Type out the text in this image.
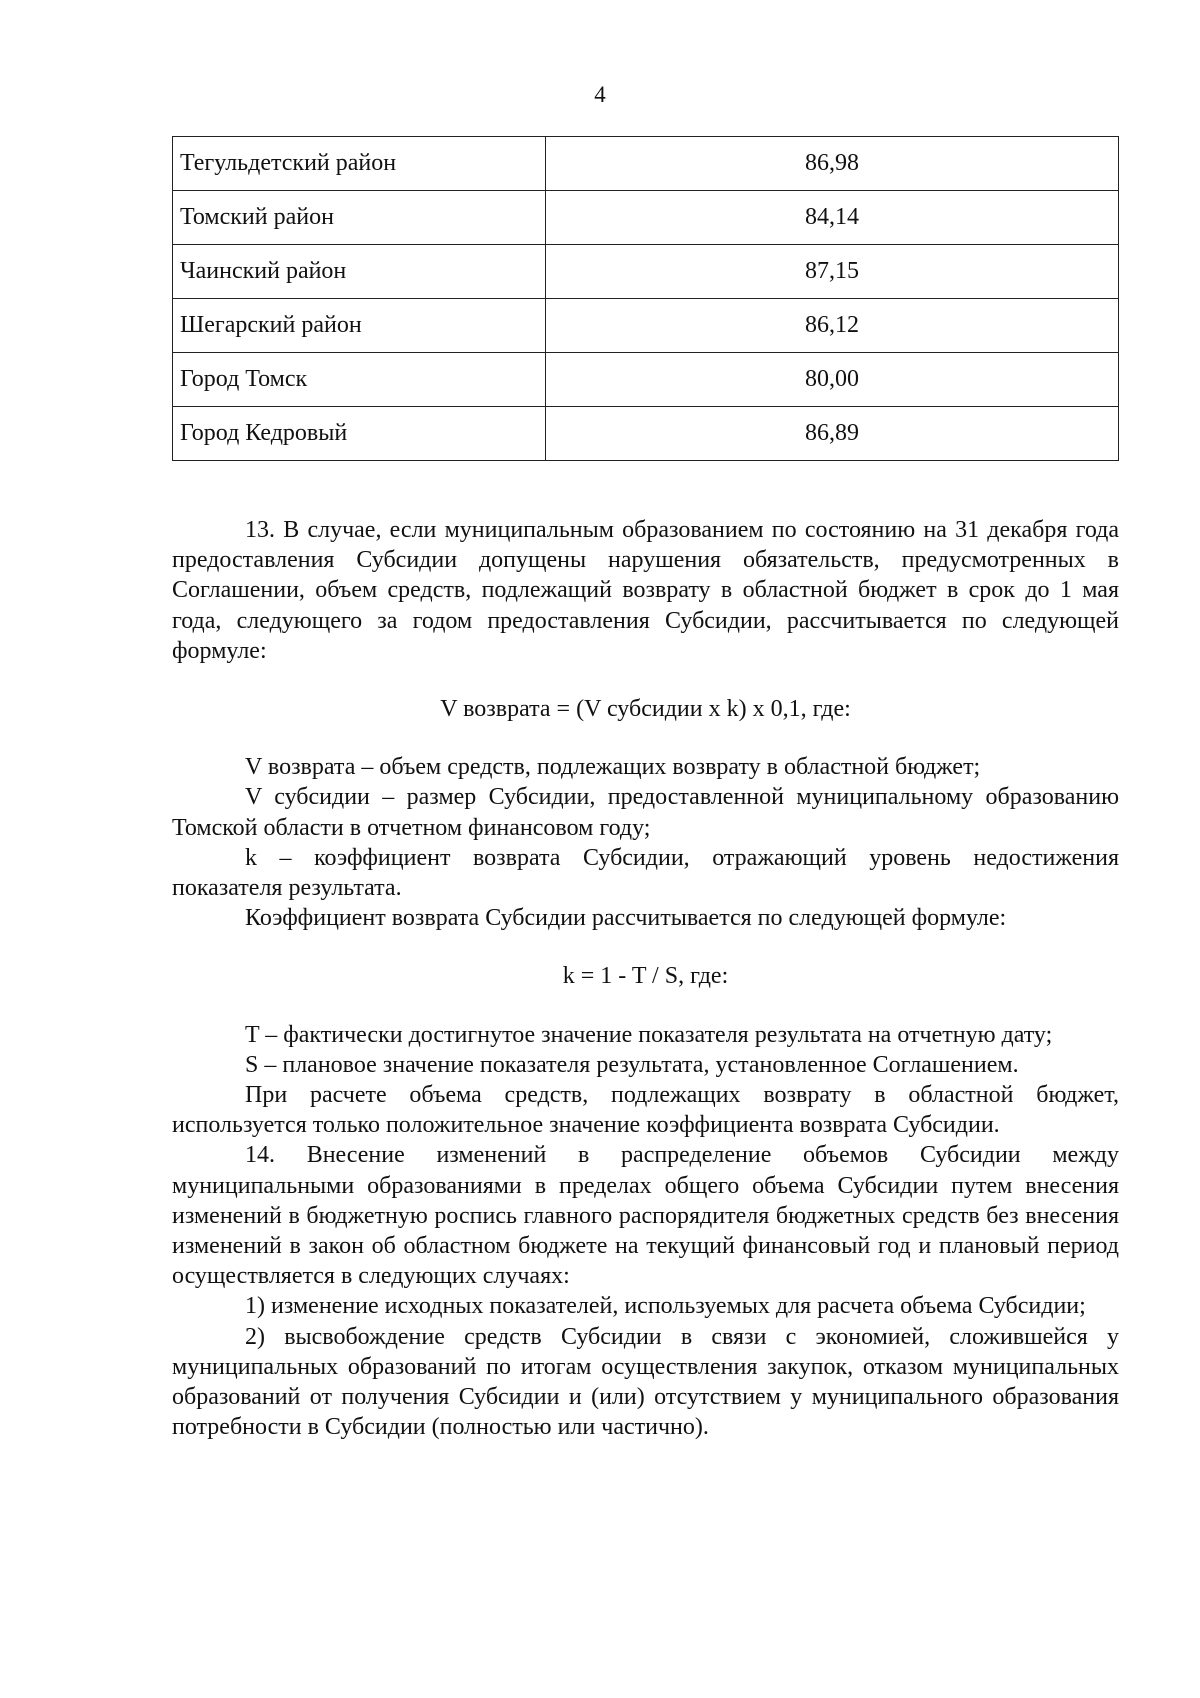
4
Тегульдетский район	86,98
Томский район	84,14
Чаинский район	87,15
Шегарский район	86,12
Город Томск	80,00
Город Кедровый	86,89

13. В случае, если муниципальным образованием по состоянию на 31 декабря года предоставления Субсидии допущены нарушения обязательств, предусмотренных в Соглашении, объем средств, подлежащий возврату в областной бюджет в срок до 1 мая года, следующего за годом предоставления Субсидии, рассчитывается по следующей формуле:

V возврата = (V субсидии x k) x 0,1, где:

V возврата – объем средств, подлежащих возврату в областной бюджет;

V субсидии – размер Субсидии, предоставленной муниципальному образованию Томской области в отчетном финансовом году;

k – коэффициент возврата Субсидии, отражающий уровень недостижения показателя результата.

Коэффициент возврата Субсидии рассчитывается по следующей формуле:

k = 1 - T / S, где:

T – фактически достигнутое значение показателя результата на отчетную дату;

S – плановое значение показателя результата, установленное Соглашением.

При расчете объема средств, подлежащих возврату в областной бюджет, используется только положительное значение коэффициента возврата Субсидии.

14. Внесение изменений в распределение объемов Субсидии между муниципальными образованиями в пределах общего объема Субсидии путем внесения изменений в бюджетную роспись главного распорядителя бюджетных средств без внесения изменений в закон об областном бюджете на текущий финансовый год и плановый период осуществляется в следующих случаях:

1) изменение исходных показателей, используемых для расчета объема Субсидии;

2) высвобождение средств Субсидии в связи с экономией, сложившейся у муниципальных образований по итогам осуществления закупок, отказом муниципальных образований от получения Субсидии и (или) отсутствием у муниципального образования потребности в Субсидии (полностью или частично).
